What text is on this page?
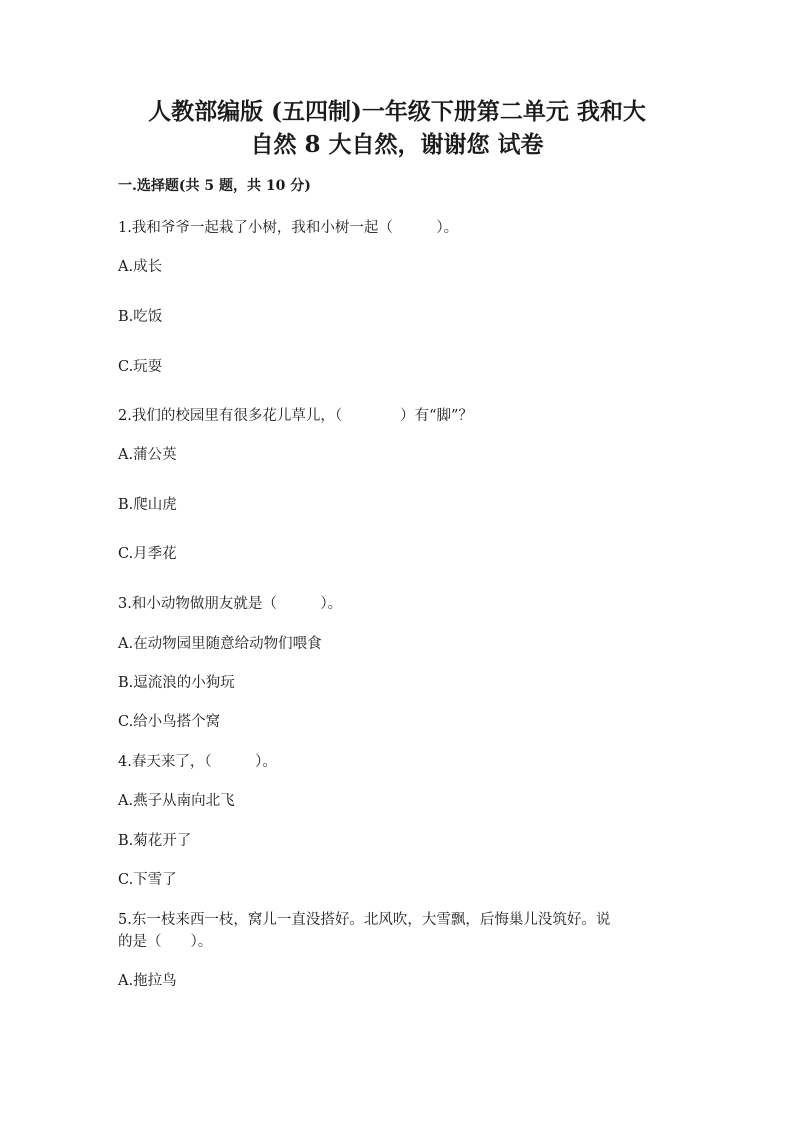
人教部编版 (五四制)一年级下册第二单元 我和大
自然 8 大自然，谢谢您 试卷
一.选择题(共 5 题，共 10 分)
1.我和爷爷一起栽了小树，我和小树一起（　　　）。
A.成长
B.吃饭
C.玩耍
2.我们的校园里有很多花儿草儿，（　　　　）有“脚”？
A.蒲公英
B.爬山虎
C.月季花
3.和小动物做朋友就是（　　　）。
A.在动物园里随意给动物们喂食
B.逗流浪的小狗玩
C.给小鸟搭个窝
4.春天来了，（　　　）。
A.燕子从南向北飞
B.菊花开了
C.下雪了
5.东一枝来西一枝，窝儿一直没搭好。北风吹，大雪飘，后悔巢儿没筑好。说
的是（　　）。
A.拖拉鸟
